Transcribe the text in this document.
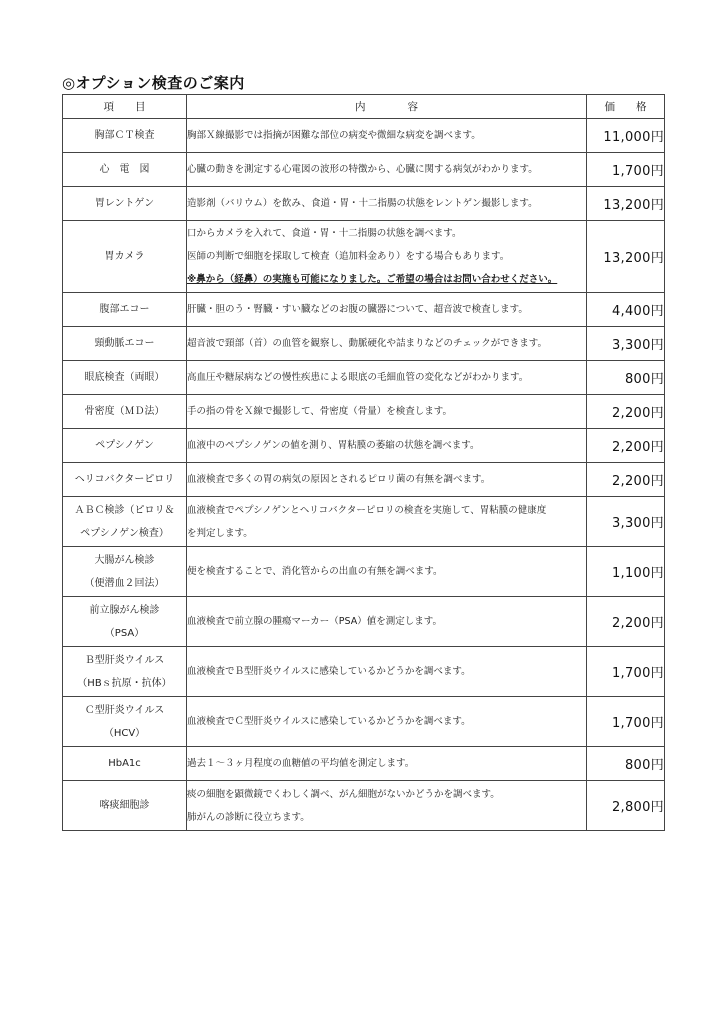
◎オプション検査のご案内
項　　目	内　　　　容	価　　格

胸部ＣＴ検査	胸部Ｘ線撮影では指摘が困難な部位の病変や微細な病変を調べます。	11,000円

心　電　図	心臓の動きを測定する心電図の波形の特徴から、心臓に関する病気がわかります。	1,700円

胃レントゲン	造影剤（バリウム）を飲み、食道・胃・十二指腸の状態をレントゲン撮影します。	13,200円

胃カメラ	口からカメラを入れて、食道・胃・十二指腸の状態を調べます。
医師の判断で細胞を採取して検査（追加料金あり）をする場合もあります。
※鼻から（経鼻）の実施も可能になりました。ご希望の場合はお問い合わせください。	13,200円

腹部エコー	肝臓・胆のう・腎臓・すい臓などのお腹の臓器について、超音波で検査します。	4,400円

頸動脈エコー	超音波で頸部（首）の血管を観察し、動脈硬化や詰まりなどのチェックができます。	3,300円

眼底検査（両眼）	高血圧や糖尿病などの慢性疾患による眼底の毛細血管の変化などがわかります。	800円

骨密度（ＭＤ法）	手の指の骨をＸ線で撮影して、骨密度（骨量）を検査します。	2,200円

ペプシノゲン	血液中のペプシノゲンの値を測り、胃粘膜の萎縮の状態を調べます。	2,200円

ヘリコバクターピロリ	血液検査で多くの胃の病気の原因とされるピロリ菌の有無を調べます。	2,200円

ＡＢＣ検診（ピロリ＆
ペプシノゲン検査）	血液検査でペプシノゲンとヘリコバクターピロリの検査を実施して、胃粘膜の健康度
を判定します。	3,300円

大腸がん検診
（便潜血２回法）	便を検査することで、消化管からの出血の有無を調べます。	1,100円

前立腺がん検診
（PSA）	血液検査で前立腺の腫瘍マーカー（PSA）値を測定します。	2,200円

Ｂ型肝炎ウイルス
（HBｓ抗原・抗体）	血液検査でＢ型肝炎ウイルスに感染しているかどうかを調べます。	1,700円

Ｃ型肝炎ウイルス
（HCV）	血液検査でＣ型肝炎ウイルスに感染しているかどうかを調べます。	1,700円

HbA1c	過去１～３ヶ月程度の血糖値の平均値を測定します。	800円

喀痰細胞診	痰の細胞を顕微鏡でくわしく調べ、がん細胞がないかどうかを調べます。
肺がんの診断に役立ちます。	2,800円
